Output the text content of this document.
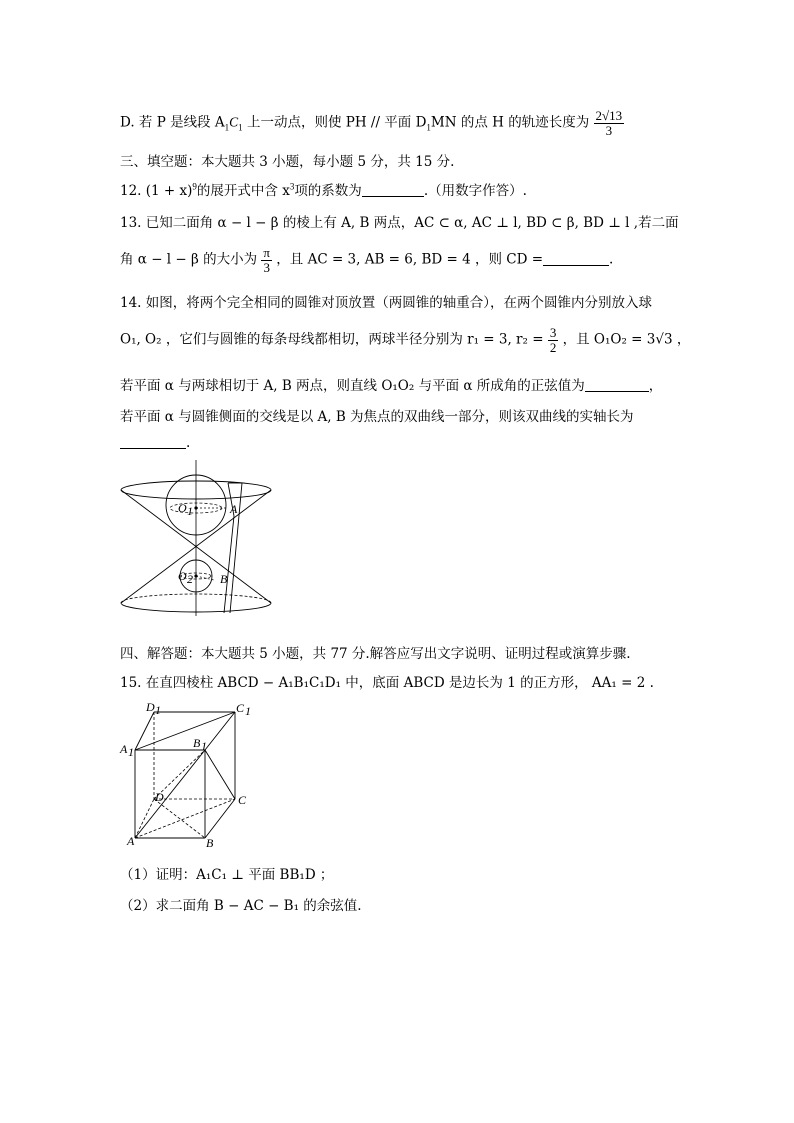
D. 若 P 是线段 $A_1C_1$ 上一动点，则使 PH // 平面 $D_1MN$ 的点 H 的轨迹长度为 $\frac{2√13}{3}$
三、填空题：本大题共 3 小题，每小题 5 分，共 15 分.
12. $(1 + x)^9$的展开式中含 $x^3$项的系数为	.（用数字作答）.
13. 已知二面角 α − l − β 的棱上有 A, B 两点，AC ⊂ α, AC ⊥ l, BD ⊂ β, BD ⊥ l ,若二面
角 α − l − β 的大小为 $\frac{\pi}{3}$ ，且 AC = 3, AB = 6, BD = 4 ，则 CD =	.
14. 如图，将两个完全相同的圆锥对顶放置（两圆锥的轴重合），在两个圆锥内分别放入球
O₁, O₂ ，它们与圆锥的每条母线都相切，两球半径分别为 r₁ = 3, $r_2 = \frac{3}{2}$ ，且 O₁O₂ = 3√3 ，
若平面 α 与两球相切于 A, B 两点，则直线 O₁O₂ 与平面 α 所成角的正弦值为	，
若平面 α 与圆锥侧面的交线是以 A, B 为焦点的双曲线一部分，则该双曲线的实轴长为
.
O 1
O 2
A
B
四、解答题：本大题共 5 小题，共 77 分.解答应写出文字说明、证明过程或演算步骤.
15. 在直四棱柱 ABCD − A₁B₁C₁D₁ 中，底面 ABCD 是边长为 1 的正方形， AA₁ = 2 .
D 1	C 1
A 1
B 1
D	C
A	B
（1）证明：A₁C₁ ⊥ 平面 BB₁D ；
（2）求二面角 B − AC − B₁ 的余弦值.
